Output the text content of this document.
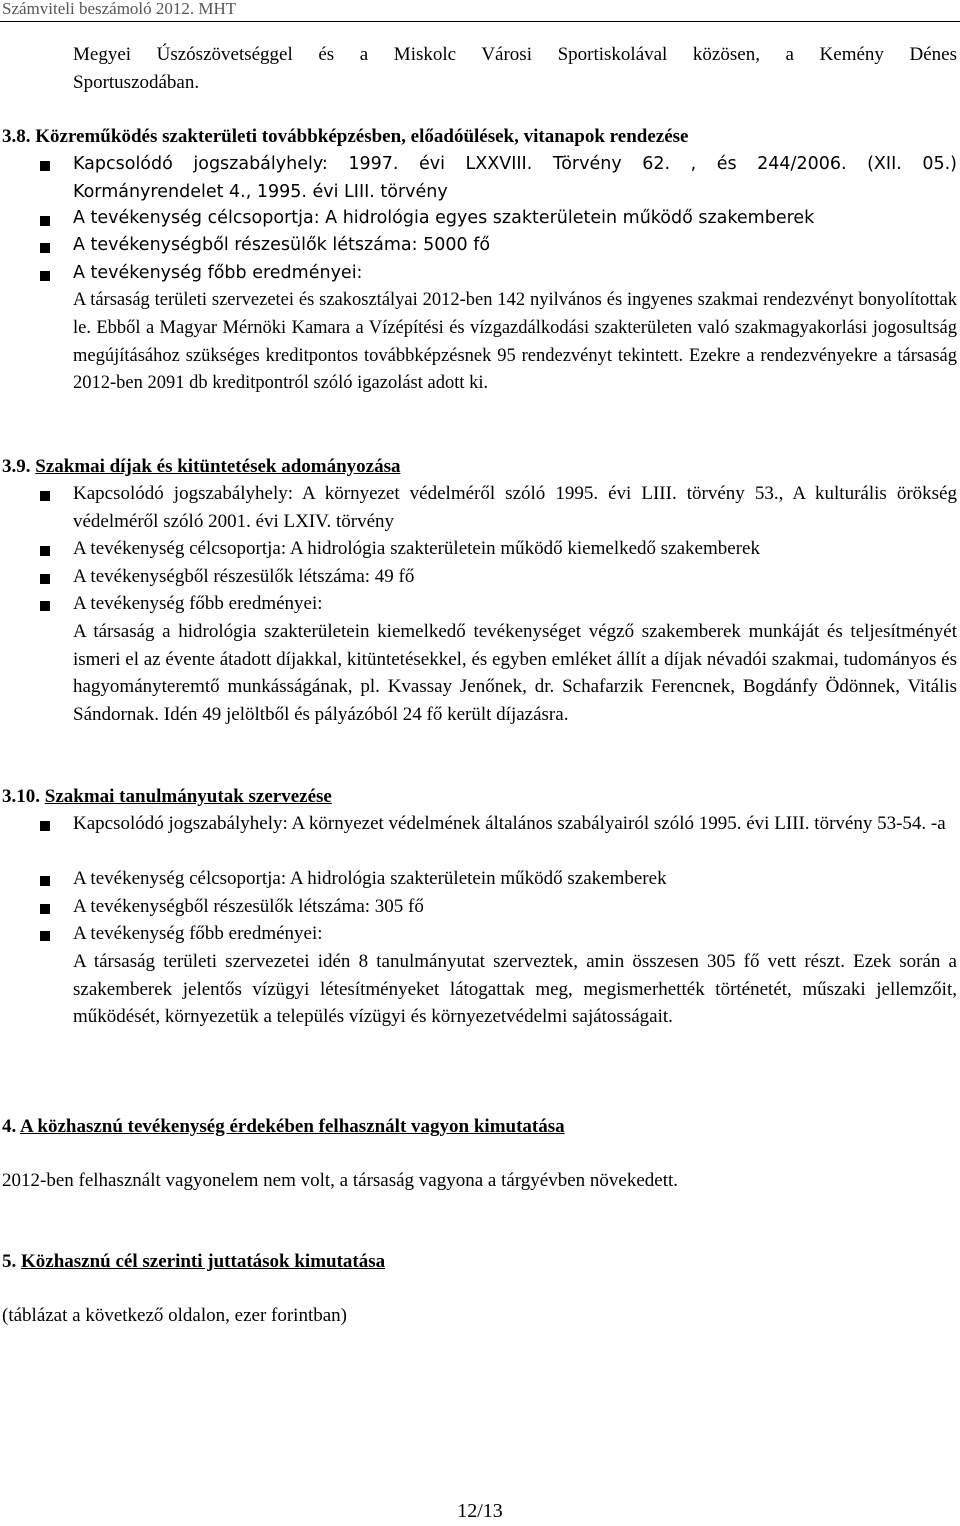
Számviteli beszámoló 2012. MHT

Megyei Úszószövetséggel és a Miskolc Városi Sportiskolával közösen, a Kemény Dénes

Sportuszodában.

3.8. Közreműködés szakterületi továbbképzésben, előadóülések, vitanapok rendezése
Kapcsolódó jogszabályhely: 1997. évi LXXVIII. Törvény 62. , és 244/2006. (XII. 05.)
Kormányrendelet 4., 1995. évi LIII. törvény
A tevékenység célcsoportja: A hidrológia egyes szakterületein működő szakemberek
A tevékenységből részesülők létszáma: 5000 fő
A tevékenység főbb eredményei:
A társaság területi szervezetei és szakosztályai 2012-ben 142 nyilvános és ingyenes szakmai rendezvényt bonyolítottak le. Ebből a Magyar Mérnöki Kamara a Vízépítési és vízgazdálkodási szakterületen való szakmagyakorlási jogosultság megújításához szükséges kreditpontos továbbképzésnek 95 rendezvényt tekintett. Ezekre a rendezvényekre a társaság 2012-ben 2091 db kreditpontról szóló igazolást adott ki.
3.9. Szakmai díjak és kitüntetések adományozása
Kapcsolódó jogszabályhely: A környezet védelméről szóló 1995. évi LIII. törvény 53., A kulturális örökség védelméről szóló 2001. évi LXIV. törvény
A tevékenység célcsoportja: A hidrológia szakterületein működő kiemelkedő szakemberek
A tevékenységből részesülők létszáma: 49 fő
A tevékenység főbb eredményei:
A társaság a hidrológia szakterületein kiemelkedő tevékenységet végző szakemberek munkáját és teljesítményét ismeri el az évente átadott díjakkal, kitüntetésekkel, és egyben emléket állít a díjak névadói szakmai, tudományos és hagyományteremtő munkásságának, pl. Kvassay Jenőnek, dr. Schafarzik Ferencnek, Bogdánfy Ödönnek, Vitális Sándornak. Idén 49 jelöltből és pályázóból 24 fő került díjazásra.
3.10. Szakmai tanulmányutak szervezése
Kapcsolódó jogszabályhely: A környezet védelmének általános szabályairól szóló 1995. évi LIII. törvény 53-54. -a
A tevékenység célcsoportja: A hidrológia szakterületein működő szakemberek
A tevékenységből részesülők létszáma: 305 fő
A tevékenység főbb eredményei:
A társaság területi szervezetei idén 8 tanulmányutat szerveztek, amin összesen 305 fő vett részt. Ezek során a szakemberek jelentős vízügyi létesítményeket látogattak meg, megismerhették történetét, műszaki jellemzőit, működését, környezetük a település vízügyi és környezetvédelmi sajátosságait.
4. A közhasznú tevékenység érdekében felhasznált vagyon kimutatása
2012-ben felhasznált vagyonelem nem volt, a társaság vagyona a tárgyévben növekedett.
5. Közhasznú cél szerinti juttatások kimutatása
(táblázat a következő oldalon, ezer forintban)
12/13
